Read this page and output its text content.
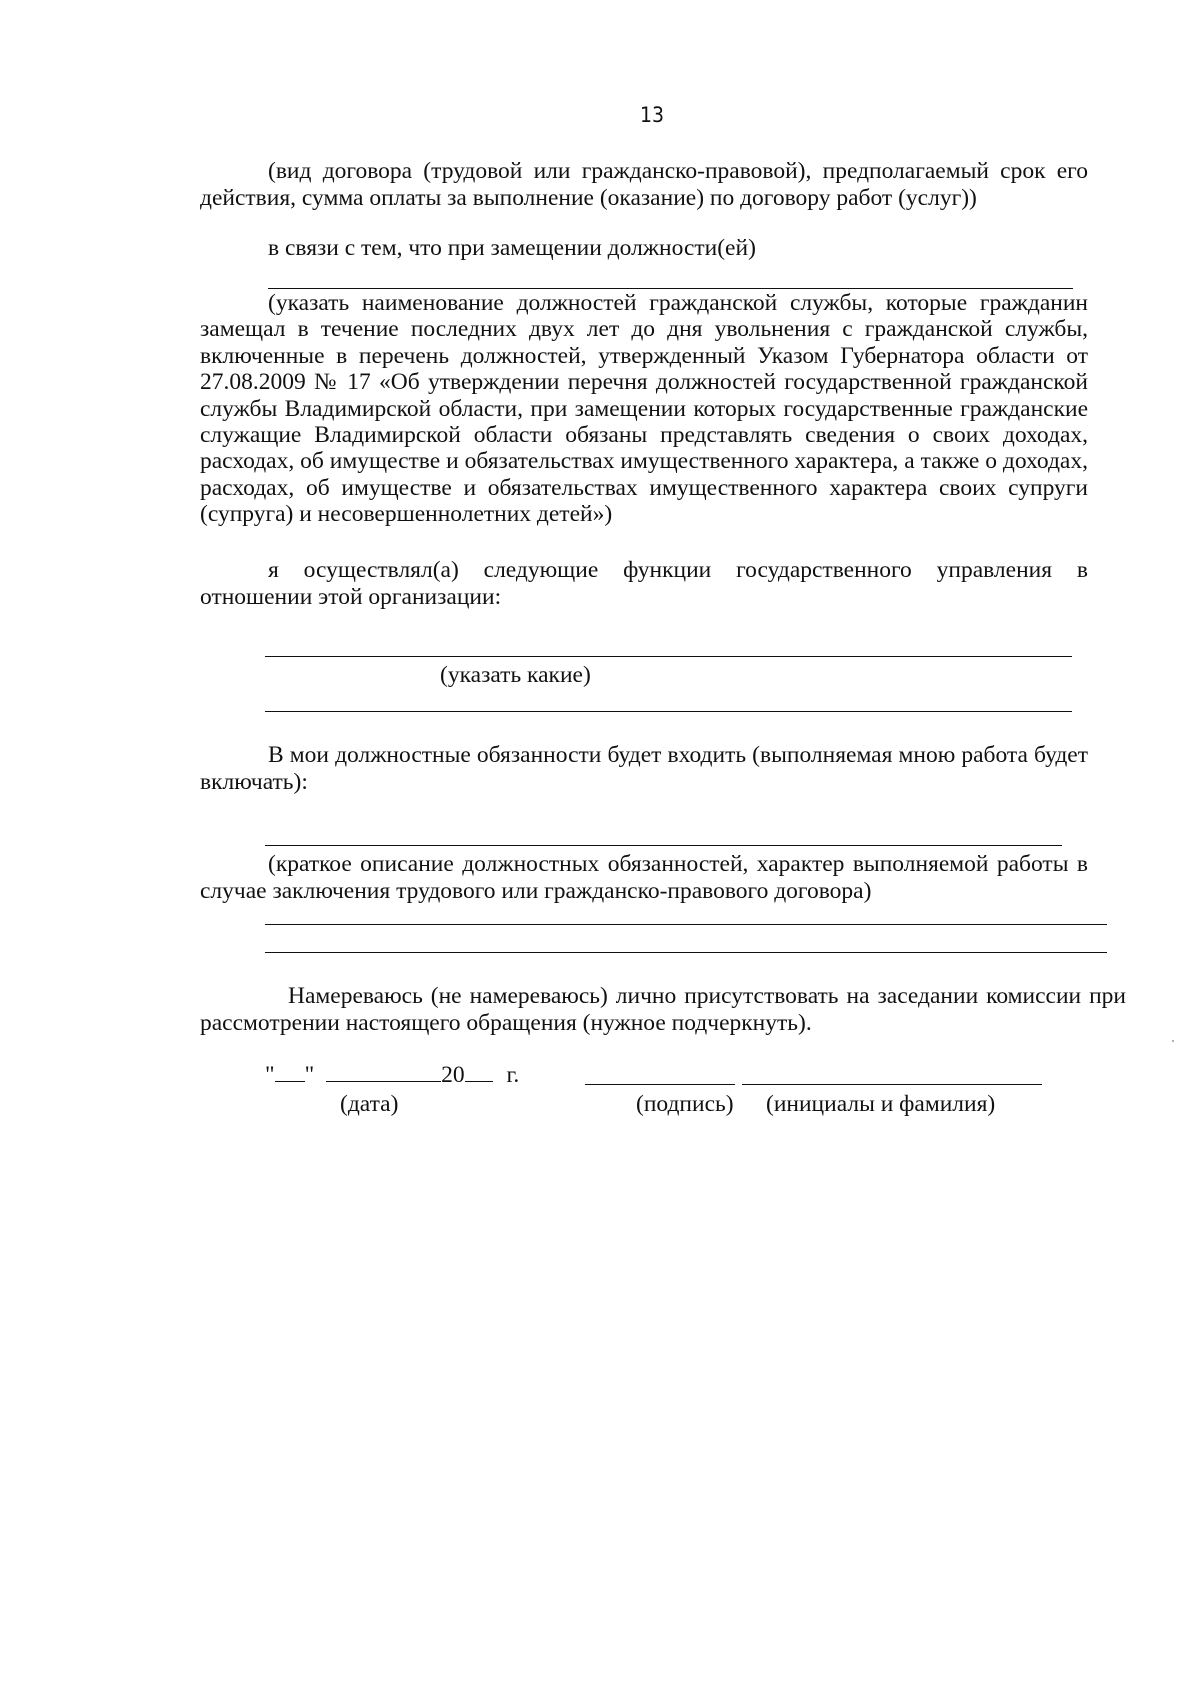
13
(вид договора (трудовой или гражданско-правовой), предполагаемый срок его действия, сумма оплаты за выполнение (оказание) по договору работ (услуг))
в связи с тем, что при замещении должности(ей)
(указать наименование должностей гражданской службы, которые гражданин замещал в течение последних двух лет до дня увольнения с гражданской службы, включенные в перечень должностей, утвержденный Указом Губернатора области от 27.08.2009 № 17 «Об утверждении перечня должностей государственной гражданской службы Владимирской области, при замещении которых государственные гражданские служащие Владимирской области обязаны представлять сведения о своих доходах, расходах, об имуществе и обязательствах имущественного характера, а также о доходах, расходах, об имуществе и обязательствах имущественного характера своих супруги (супруга) и несовершеннолетних детей»)
я осуществлял(а) следующие функции государственного управления в отношении этой организации:
(указать какие)
В мои должностные обязанности будет входить (выполняемая мною работа будет включать):
(краткое описание должностных обязанностей, характер выполняемой работы в случае заключения трудового или гражданско-правового договора)
Намереваюсь (не намереваюсь) лично присутствовать на заседании комиссии при рассмотрении настоящего обращения (нужное подчеркнуть).
" "	20 г.
(дата)	(подпись) (инициалы и фамилия)
